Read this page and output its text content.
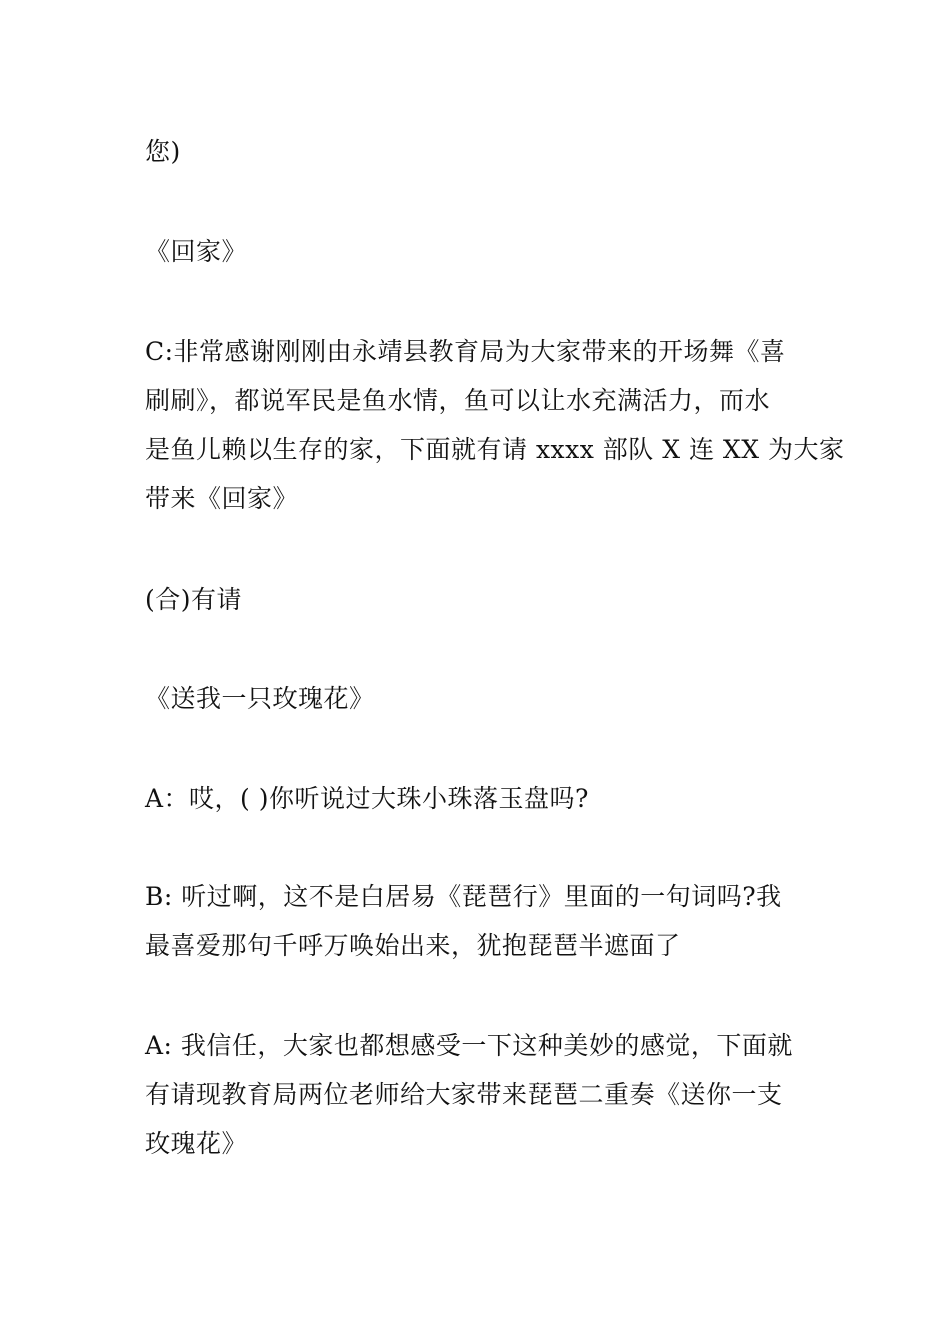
您)

《回家》

C:非常感谢刚刚由永靖县教育局为大家带来的开场舞《喜
刷刷》，都说军民是鱼水情，鱼可以让水充满活力，而水
是鱼儿赖以生存的家，下面就有请 xxxx 部队 X 连 XX 为大家
带来《回家》

(合)有请

《送我一只玫瑰花》

A：哎，( )你听说过大珠小珠落玉盘吗?

B: 听过啊，这不是白居易《琵琶行》里面的一句词吗?我
最喜爱那句千呼万唤始出来，犹抱琵琶半遮面了

A: 我信任，大家也都想感受一下这种美妙的感觉，下面就
有请现教育局两位老师给大家带来琵琶二重奏《送你一支
玫瑰花》
